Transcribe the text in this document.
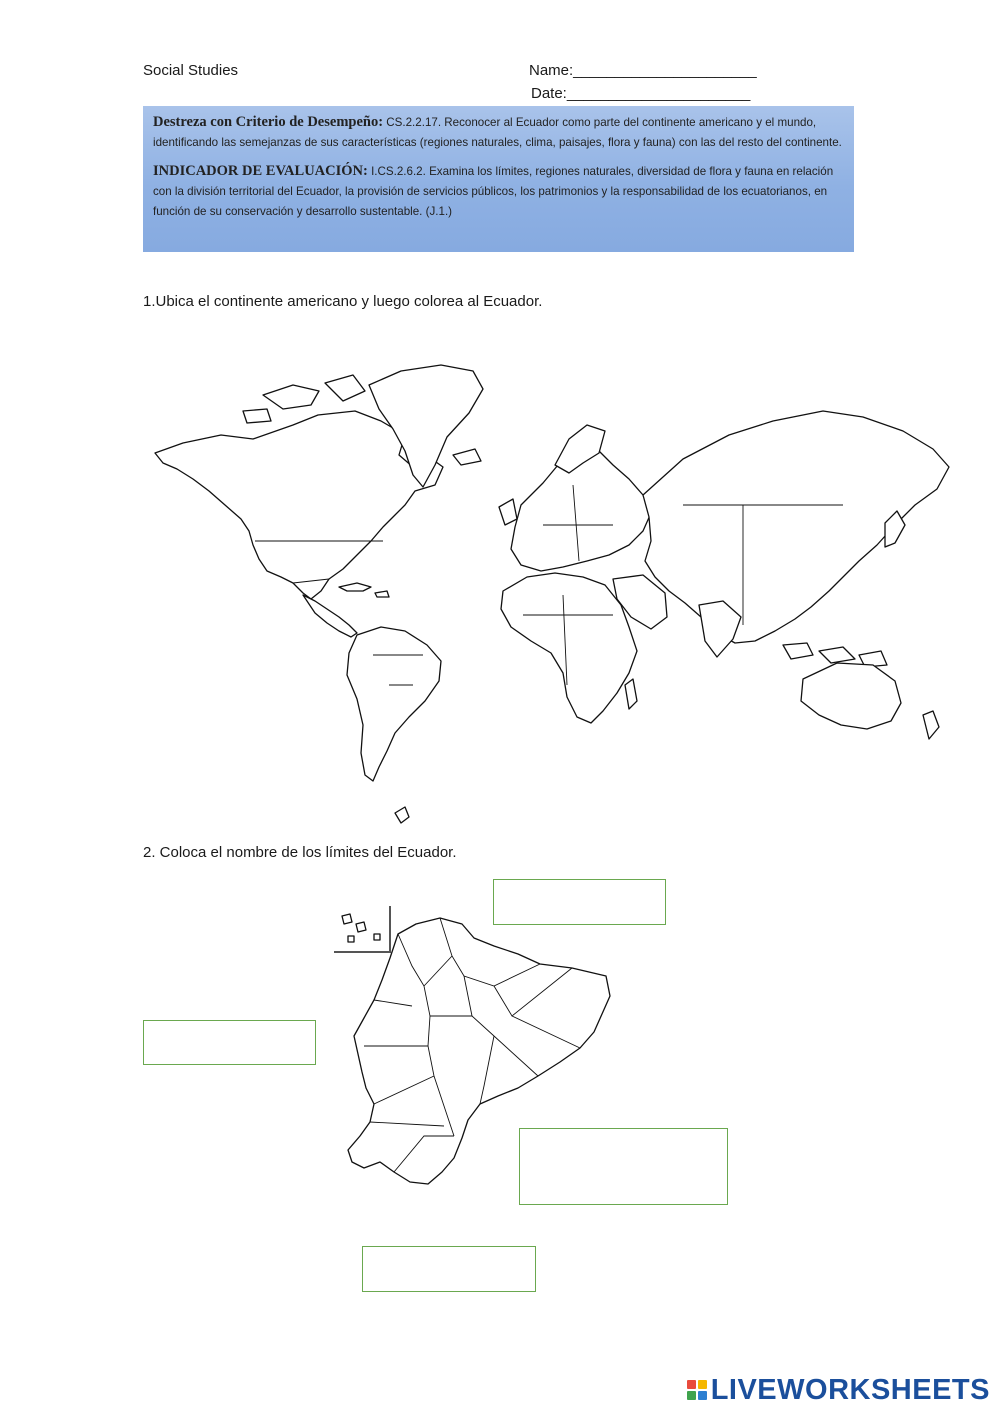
Social Studies	Name:______________________
Date:______________________

Destreza con Criterio de Desempeño: CS.2.2.17. Reconocer al Ecuador como parte del continente americano y el mundo, identificando las semejanzas de sus características (regiones naturales, clima, paisajes, flora y fauna) con las del resto del continente.

INDICADOR DE EVALUACIÓN: I.CS.2.6.2. Examina los límites, regiones naturales, diversidad de flora y fauna en relación con la división territorial del Ecuador, la provisión de servicios públicos, los patrimonios y la responsabilidad de los ecuatorianos, en función de su conservación y desarrollo sustentable. (J.1.)

1.Ubica el continente americano y luego colorea al Ecuador.
2. Coloca el nombre de los límites del Ecuador.
LIVEWORKSHEETS
